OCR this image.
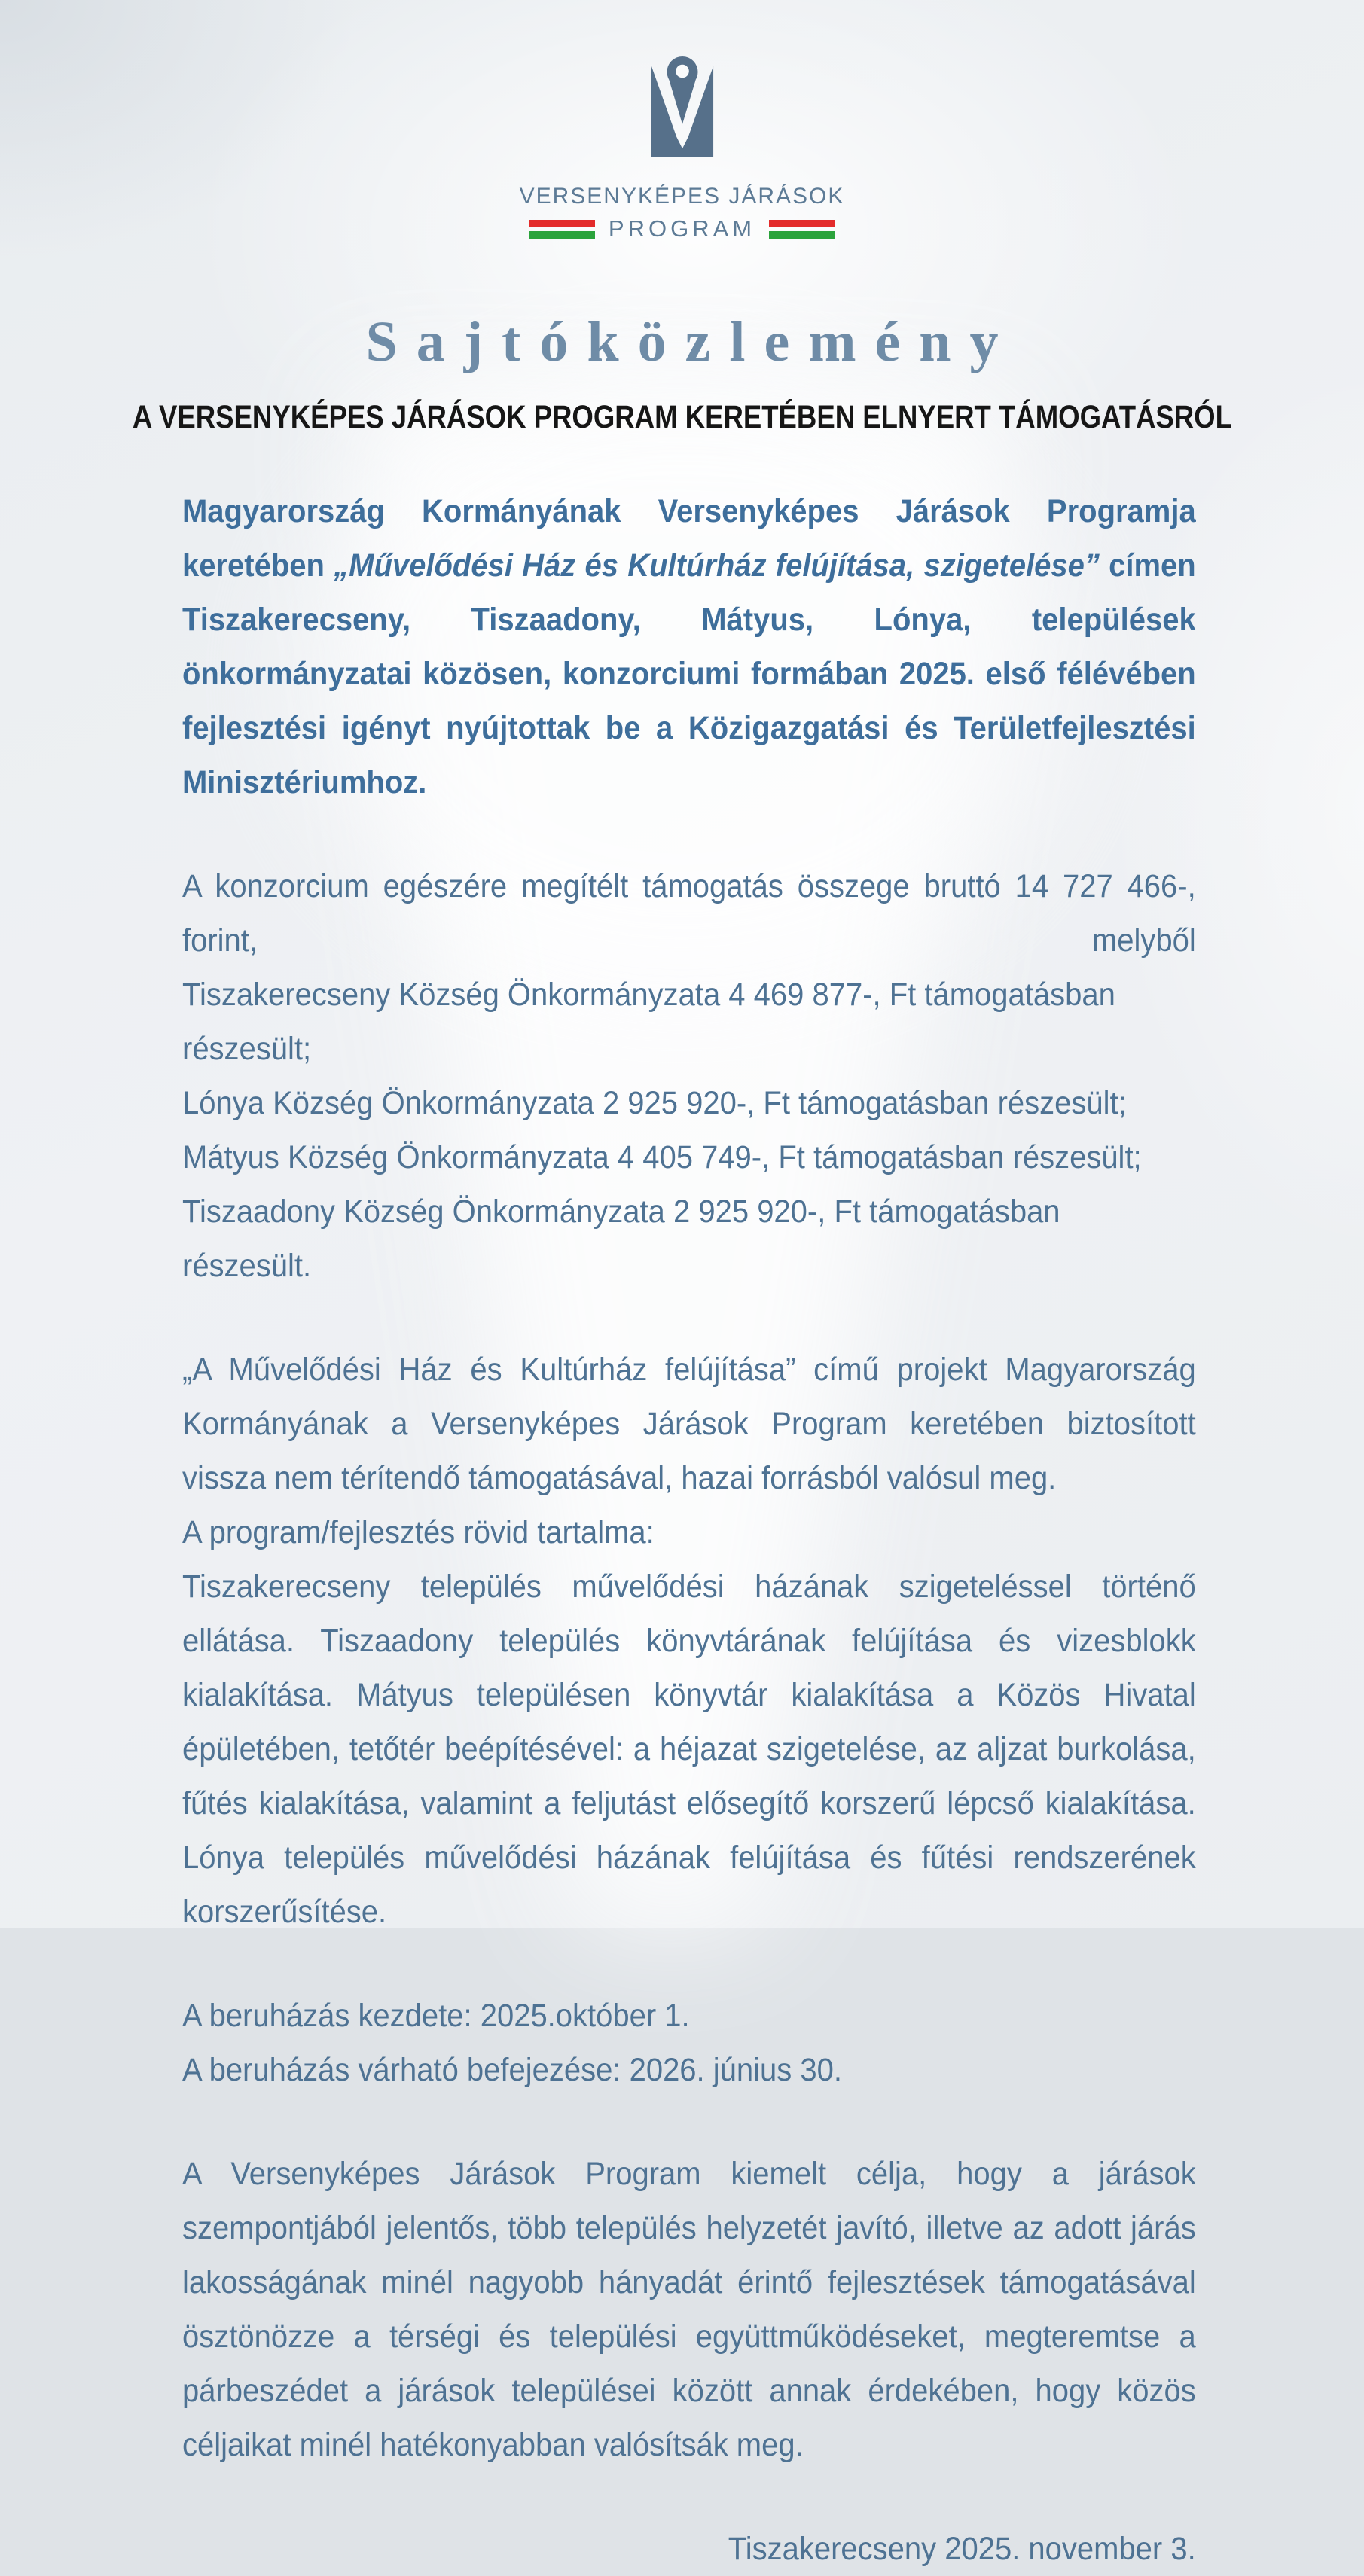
VERSENYKÉPES JÁRÁSOK
PROGRAM
Sajtóközlemény
A VERSENYKÉPES JÁRÁSOK PROGRAM KERETÉBEN ELNYERT TÁMOGATÁSRÓL

Magyarország Kormányának Versenyképes Járások Programja keretében „Művelődési Ház és Kultúrház felújítása, szigetelése” címen Tiszakerecseny, Tiszaadony, Mátyus, Lónya, települések önkormányzatai közösen, konzorciumi formában 2025. első félévében fejlesztési igényt nyújtottak be a Közigazgatási és Területfejlesztési Minisztériumhoz.

A konzorcium egészére megítélt támogatás összege bruttó 14 727 466-, forint, melyből
Tiszakerecseny Község Önkormányzata 4 469 877-, Ft támogatásban részesült;
Lónya Község Önkormányzata 2 925 920-, Ft támogatásban részesült;
Mátyus Község Önkormányzata 4 405 749-, Ft támogatásban részesült;
Tiszaadony Község Önkormányzata 2 925 920-, Ft támogatásban részesült.
„A Művelődési Ház és Kultúrház felújítása” című projekt Magyarország Kormányának a Versenyképes Járások Program keretében biztosított vissza nem térítendő támogatásával, hazai forrásból valósul meg.
A program/fejlesztés rövid tartalma:
Tiszakerecseny település művelődési házának szigeteléssel történő ellátása. Tiszaadony település könyvtárának felújítása és vizesblokk kialakítása. Mátyus településen könyvtár kialakítása a Közös Hivatal épületében, tetőtér beépítésével: a héjazat szigetelése, az aljzat burkolása, fűtés kialakítása, valamint a feljutást elősegítő korszerű lépcső kialakítása. Lónya település művelődési házának felújítása és fűtési rendszerének korszerűsítése.
A beruházás kezdete: 2025.október 1.
A beruházás várható befejezése: 2026. június 30.

A Versenyképes Járások Program kiemelt célja, hogy a járások szempontjából jelentős, több település helyzetét javító, illetve az adott járás lakosságának minél nagyobb hányadát érintő fejlesztések támogatásával ösztönözze a térségi és települési együttműködéseket, megteremtse a párbeszédet a járások települései között annak érdekében, hogy közös céljaikat minél hatékonyabban valósítsák meg.

Tiszakerecseny 2025. november 3.
